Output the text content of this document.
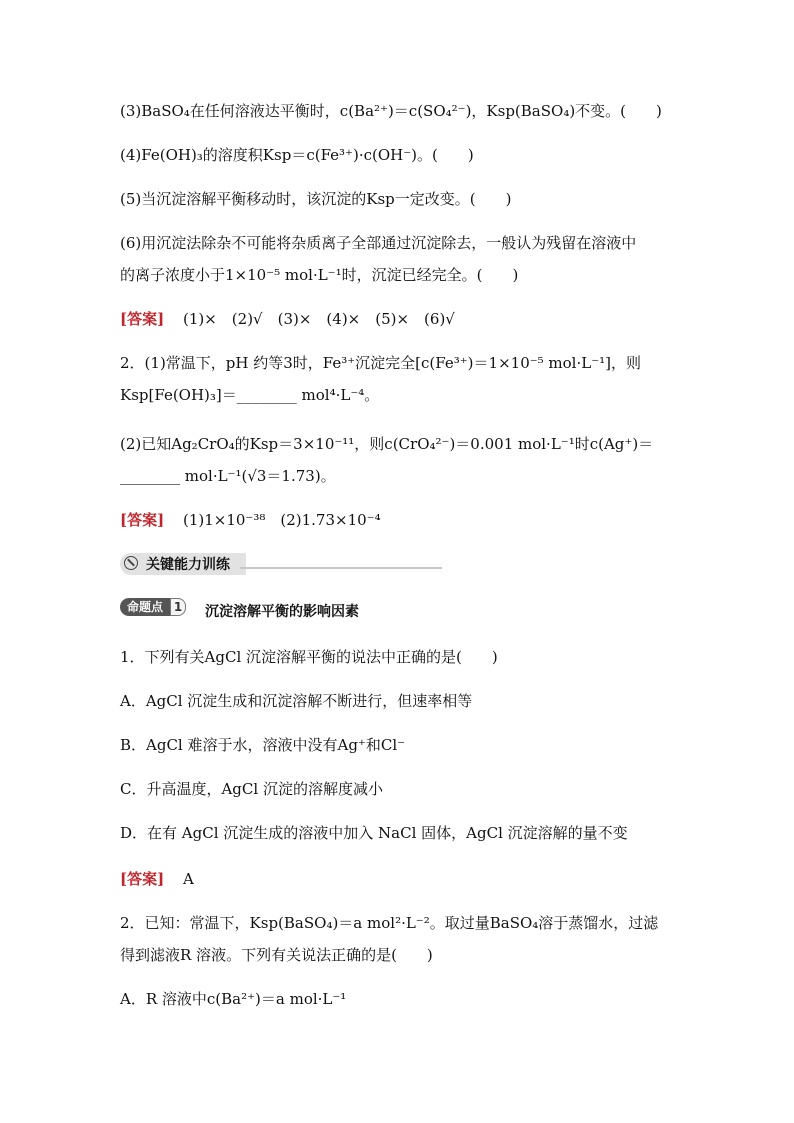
(3)BaSO₄在任何溶液达平衡时，c(Ba²⁺)＝c(SO₄²⁻)，Ksp(BaSO₄)不变。(　　)
(4)Fe(OH)₃的溶度积Ksp＝c(Fe³⁺)·c(OH⁻)。(　　)
(5)当沉淀溶解平衡移动时，该沉淀的Ksp一定改变。(　　)
(6)用沉淀法除杂不可能将杂质离子全部通过沉淀除去，一般认为残留在溶液中
的离子浓度小于1×10⁻⁵ mol·L⁻¹时，沉淀已经完全。(　　)
[答案] (1)×　(2)√　(3)×　(4)×　(5)×　(6)√
2．(1)常温下，pH 约等3时，Fe³⁺沉淀完全[c(Fe³⁺)＝1×10⁻⁵ mol·L⁻¹]，则
Ksp[Fe(OH)₃]＝________ mol⁴·L⁻⁴。
(2)已知Ag₂CrO₄的Ksp＝3×10⁻¹¹，则c(CrO₄²⁻)＝0.001 mol·L⁻¹时c(Ag⁺)＝
________ mol·L⁻¹(√3＝1.73)。
[答案] (1)1×10⁻³⁸　(2)1.73×10⁻⁴
关键能力训练
命题点 1 沉淀溶解平衡的影响因素
1．下列有关AgCl 沉淀溶解平衡的说法中正确的是(　　)
A．AgCl 沉淀生成和沉淀溶解不断进行，但速率相等
B．AgCl 难溶于水，溶液中没有Ag⁺和Cl⁻
C．升高温度，AgCl 沉淀的溶解度减小
D．在有 AgCl 沉淀生成的溶液中加入 NaCl 固体，AgCl 沉淀溶解的量不变
[答案] A
2．已知：常温下，Ksp(BaSO₄)＝a mol²·L⁻²。取过量BaSO₄溶于蒸馏水，过滤
得到滤液R 溶液。下列有关说法正确的是(　　)
A．R 溶液中c(Ba²⁺)＝a mol·L⁻¹
